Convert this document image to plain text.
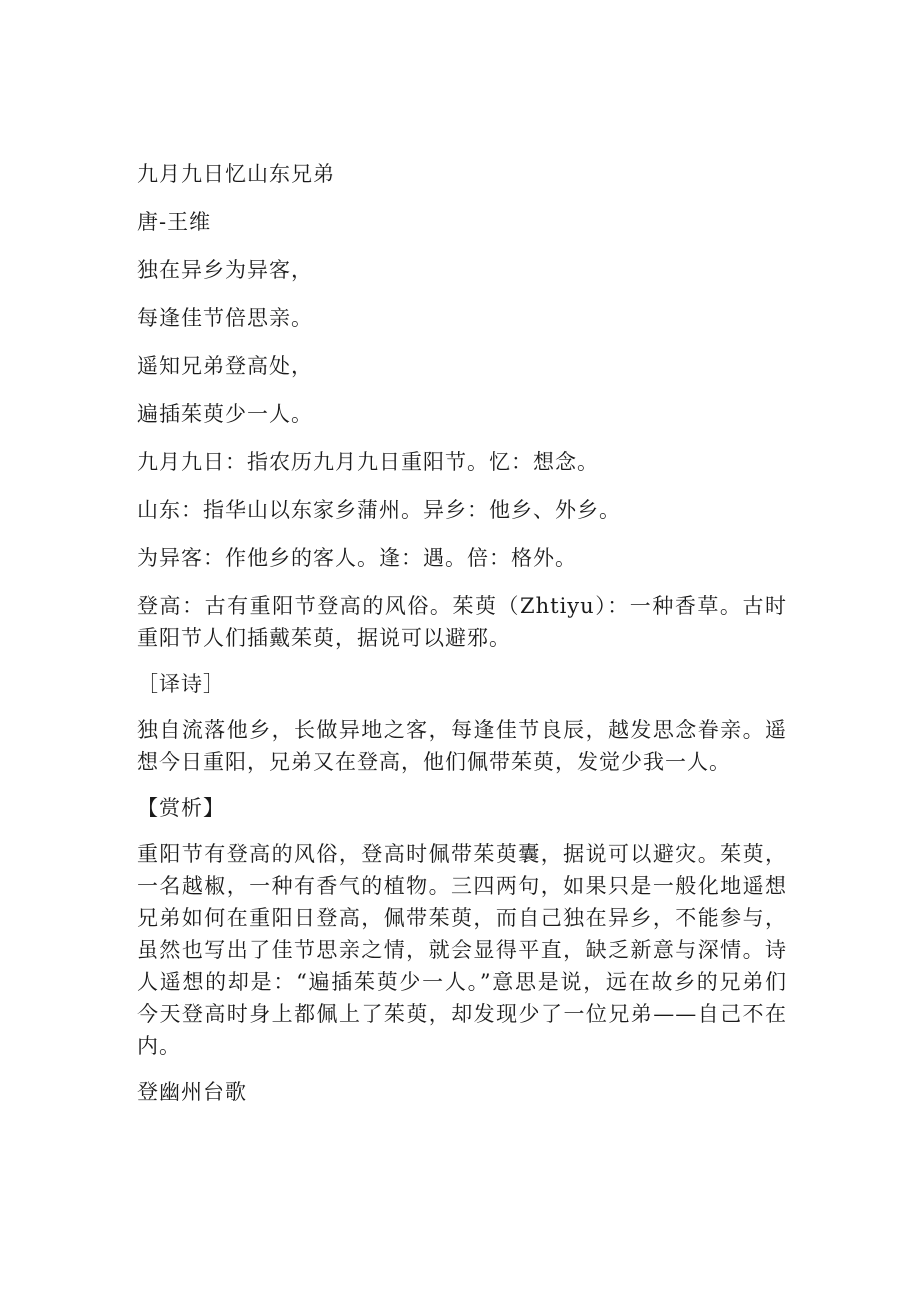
九月九日忆山东兄弟

唐-王维

独在异乡为异客，

每逢佳节倍思亲。

遥知兄弟登高处，

遍插茱萸少一人。

九月九日：指农历九月九日重阳节。忆：想念。

山东：指华山以东家乡蒲州。异乡：他乡、外乡。

为异客：作他乡的客人。逢：遇。倍：格外。

登高：古有重阳节登高的风俗。茱萸（Zhtiyu）：一种香草。古时重阳节人们插戴茱萸，据说可以避邪。

［译诗］

独自流落他乡，长做异地之客，每逢佳节良辰，越发思念眷亲。遥想今日重阳，兄弟又在登高，他们佩带茱萸，发觉少我一人。

【赏析】

重阳节有登高的风俗，登高时佩带茱萸囊，据说可以避灾。茱萸，一名越椒，一种有香气的植物。三四两句，如果只是一般化地遥想兄弟如何在重阳日登高，佩带茱萸，而自己独在异乡，不能参与，虽然也写出了佳节思亲之情，就会显得平直，缺乏新意与深情。诗人遥想的却是：“遍插茱萸少一人。”意思是说，远在故乡的兄弟们今天登高时身上都佩上了茱萸，却发现少了一位兄弟——自己不在内。

登幽州台歌
